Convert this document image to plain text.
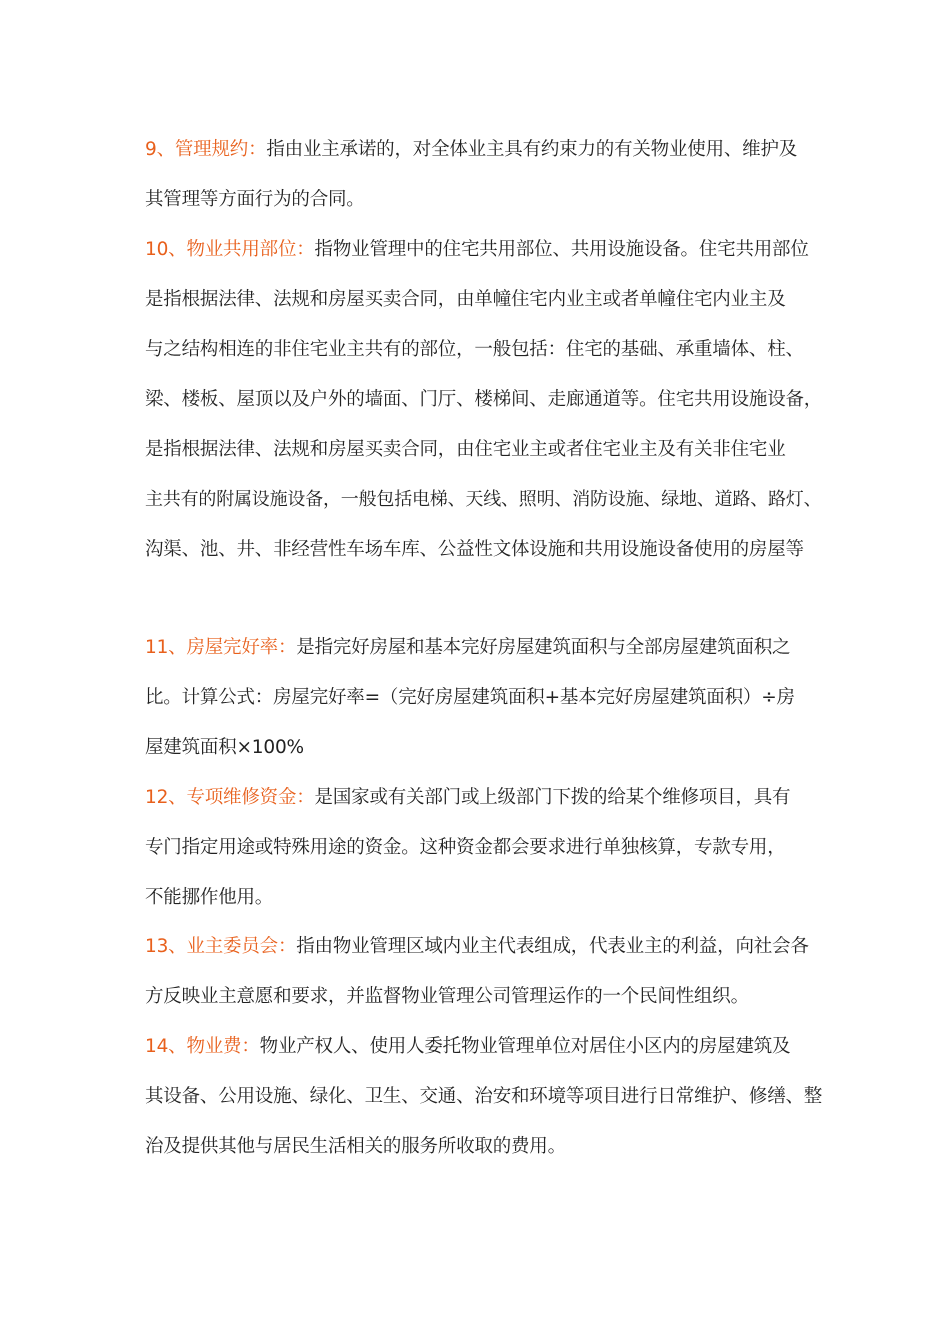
9、管理规约：指由业主承诺的，对全体业主具有约束力的有关物业使用、维护及
其管理等方面行为的合同。
10、物业共用部位：指物业管理中的住宅共用部位、共用设施设备。住宅共用部位
是指根据法律、法规和房屋买卖合同，由单幢住宅内业主或者单幢住宅内业主及
与之结构相连的非住宅业主共有的部位，一般包括：住宅的基础、承重墙体、柱、
梁、楼板、屋顶以及户外的墙面、门厅、楼梯间、走廊通道等。住宅共用设施设备，
是指根据法律、法规和房屋买卖合同，由住宅业主或者住宅业主及有关非住宅业
主共有的附属设施设备，一般包括电梯、天线、照明、消防设施、绿地、道路、路灯、
沟渠、池、井、非经营性车场车库、公益性文体设施和共用设施设备使用的房屋等
11、房屋完好率：是指完好房屋和基本完好房屋建筑面积与全部房屋建筑面积之
比。计算公式：房屋完好率=（完好房屋建筑面积+基本完好房屋建筑面积）÷房
屋建筑面积×100%
12、专项维修资金：是国家或有关部门或上级部门下拨的给某个维修项目，具有
专门指定用途或特殊用途的资金。这种资金都会要求进行单独核算，专款专用，
不能挪作他用。
13、业主委员会：指由物业管理区域内业主代表组成，代表业主的利益，向社会各
方反映业主意愿和要求，并监督物业管理公司管理运作的一个民间性组织。
14、物业费：物业产权人、使用人委托物业管理单位对居住小区内的房屋建筑及
其设备、公用设施、绿化、卫生、交通、治安和环境等项目进行日常维护、修缮、整
治及提供其他与居民生活相关的服务所收取的费用。
